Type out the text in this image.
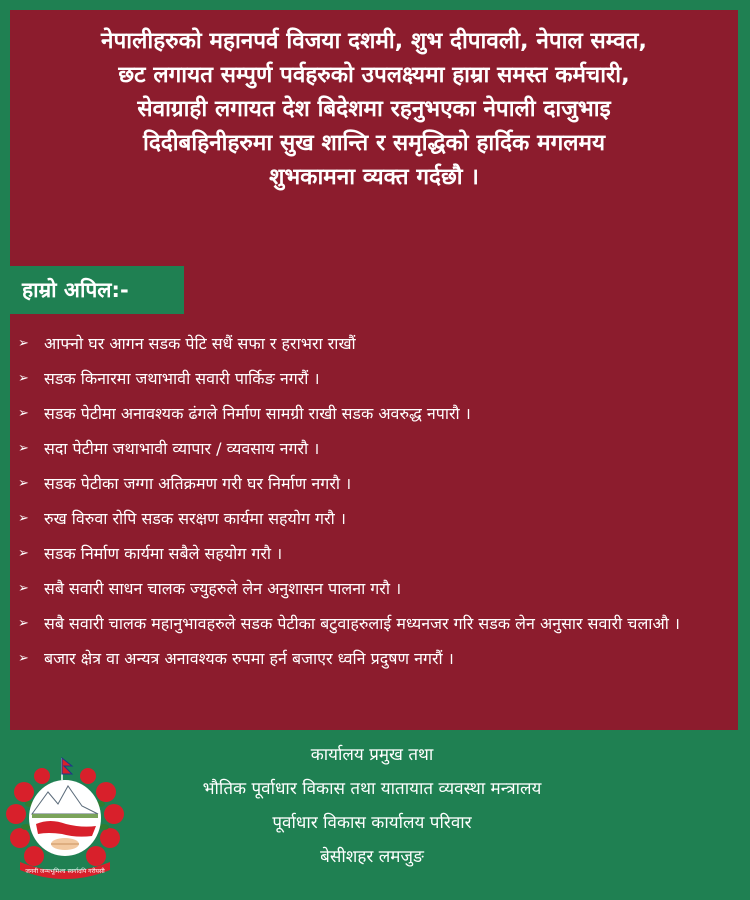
नेपालीहरुको महानपर्व विजया दशमी, शुभ दीपावली, नेपाल सम्वत,
छट लगायत सम्पुर्ण पर्वहरुको उपलक्ष्यमा हाम्रा समस्त कर्मचारी,
सेवाग्राही लगायत देश बिदेशमा रहनुभएका नेपाली दाजुभाइ
दिदीबहिनीहरुमा सुख शान्ति र समृद्धिको हार्दिक मगलमय
शुभकामना व्यक्त गर्दछौ ।
हाम्रो अपिल:-
➢ आफ्नो घर आगन सडक पेटि सधैं सफा र हराभरा राखौं
➢ सडक किनारमा जथाभावी सवारी पार्किङ नगरौं ।
➢ सडक पेटीमा अनावश्यक ढंगले निर्माण सामग्री राखी सडक अवरुद्ध नपारौ ।
➢ सदा पेटीमा जथाभावी व्यापार / व्यवसाय नगरौ ।
➢ सडक पेटीका जग्गा अतिक्रमण गरी घर निर्माण नगरौ ।
➢ रुख विरुवा रोपि सडक सरक्षण कार्यमा सहयोग गरौ ।
➢ सडक निर्माण कार्यमा सबैले सहयोग गरौ ।
➢ सबै सवारी साधन चालक ज्युहरुले लेन अनुशासन पालना गरौ ।
➢ सबै सवारी चालक महानुभावहरुले सडक पेटीका बटुवाहरुलाई मध्यनजर गरि सडक लेन अनुसार सवारी चलाऔ ।
➢ बजार क्षेत्र वा अन्यत्र अनावश्यक रुपमा हर्न बजाएर ध्वनि प्रदुषण नगरौं ।
जननी जन्मभूमिश्च स्वर्गादपि गरीयसी
कार्यालय प्रमुख तथा
भौतिक पूर्वाधार विकास तथा यातायात व्यवस्था मन्त्रालय
पूर्वाधार विकास कार्यालय परिवार
बेसीशहर लमजुङ
